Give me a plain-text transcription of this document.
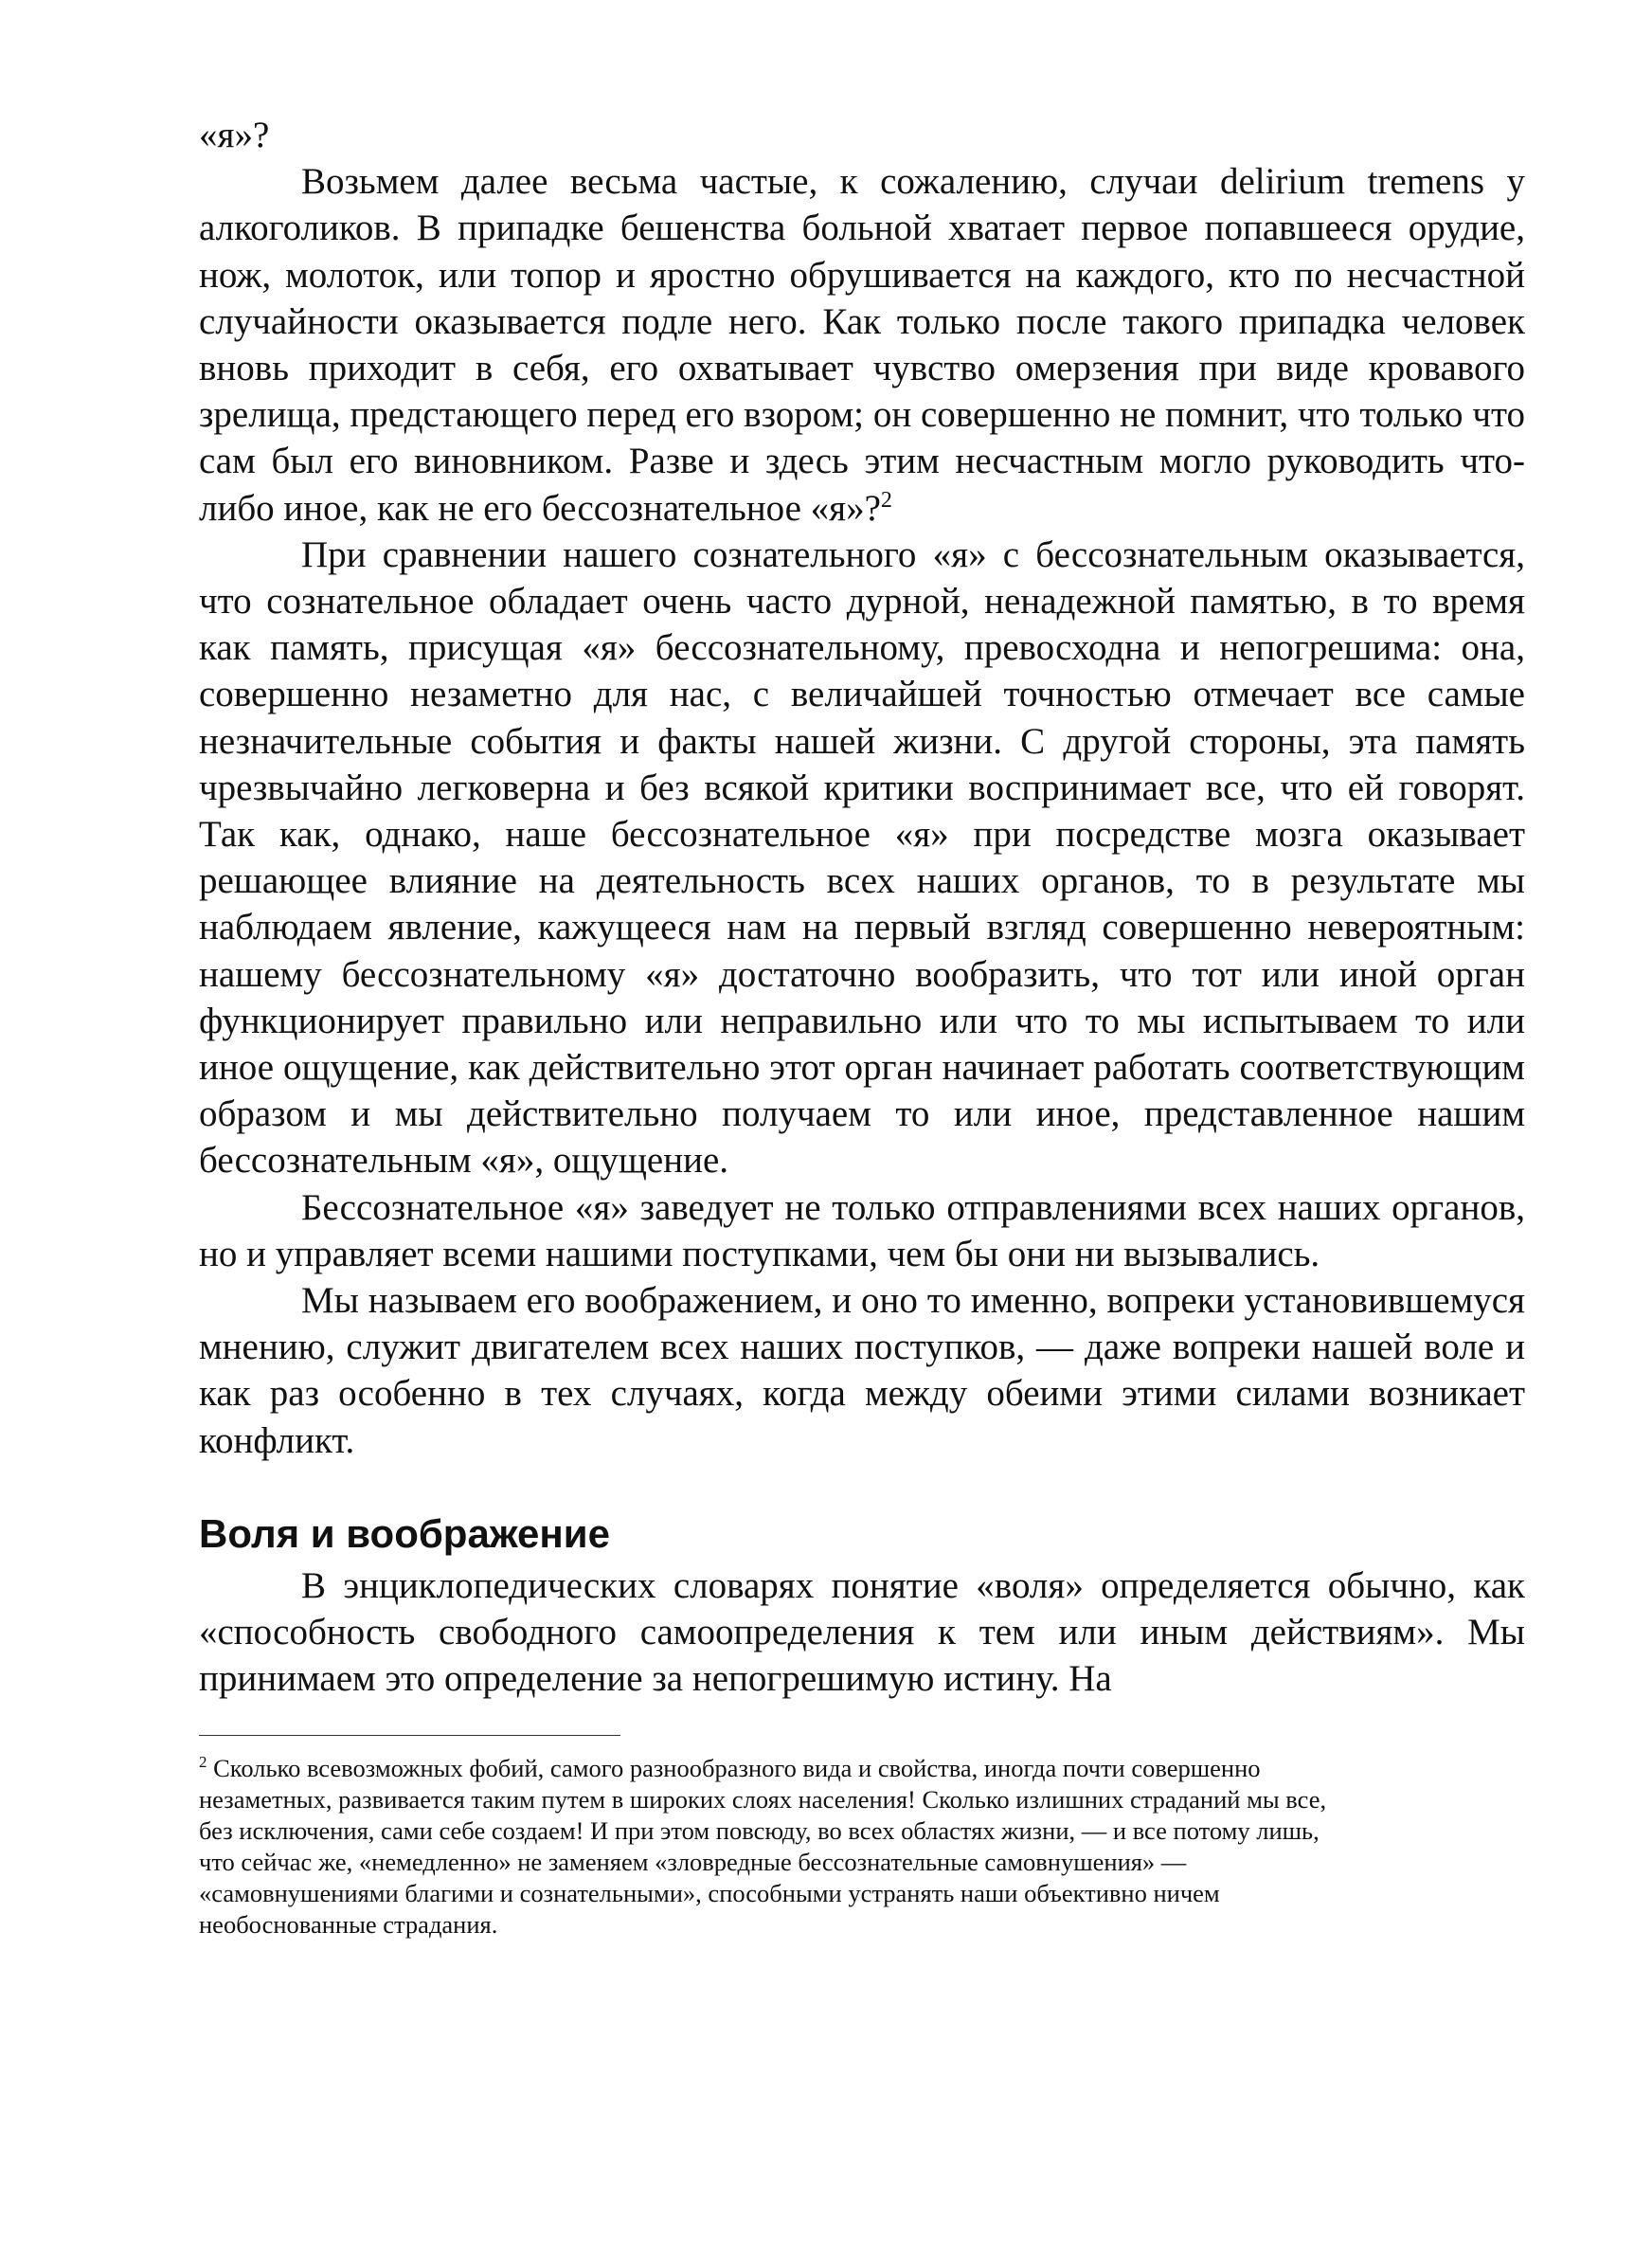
«я»?

Возьмем далее весьма частые, к сожалению, случаи delirium tremens у алкоголиков. В припадке бешенства больной хватает первое попавшееся орудие, нож, молоток, или топор и яростно обрушивается на каждого, кто по несчастной случайности оказывается подле него. Как только после такого припадка человек вновь приходит в себя, его охватывает чувство омерзения при виде кровавого зрелища, предстающего перед его взором; он совершенно не помнит, что только что сам был его виновником. Разве и здесь этим несчастным могло руководить что-либо иное, как не его бессознательное «я»?$^2$

При сравнении нашего сознательного «я» с бессознательным оказывается, что сознательное обладает очень часто дурной, ненадежной памятью, в то время как память, присущая «я» бессознательному, превосходна и непогрешима: она, совершенно незаметно для нас, с величайшей точностью отмечает все самые незначительные события и факты нашей жизни. С другой стороны, эта память чрезвычайно легковерна и без всякой критики воспринимает все, что ей говорят. Так как, однако, наше бессознательное «я» при посредстве мозга оказывает решающее влияние на деятельность всех наших органов, то в результате мы наблюдаем явление, кажущееся нам на первый взгляд совершенно невероятным: нашему бессознательному «я» достаточно вообразить, что тот или иной орган функционирует правильно или неправильно или что то мы испытываем то или иное ощущение, как действительно этот орган начинает работать соответствующим образом и мы действительно получаем то или иное, представленное нашим бессознательным «я», ощущение.

Бессознательное «я» заведует не только отправлениями всех наших органов, но и управляет всеми нашими поступками, чем бы они ни вызывались.

Мы называем его воображением, и оно то именно, вопреки установившемуся мнению, служит двигателем всех наших поступков, — даже вопреки нашей воле и как раз особенно в тех случаях, когда между обеими этими силами возникает конфликт.

Воля и воображение

В энциклопедических словарях понятие «воля» определяется обычно, как «способность свободного самоопределения к тем или иным действиям». Мы принимаем это определение за непогрешимую истину. На

$^2$ Сколько всевозможных фобий, самого разнообразного вида и свойства, иногда почти совершенно
незаметных, развивается таким путем в широких слоях населения! Сколько излишних страданий мы все,
без исключения, сами себе создаем! И при этом повсюду, во всех областях жизни, — и все потому лишь,
что сейчас же, «немедленно» не заменяем «зловредные бессознательные самовнушения» —
«самовнушениями благими и сознательными», способными устранять наши объективно ничем
необоснованные страдания.
